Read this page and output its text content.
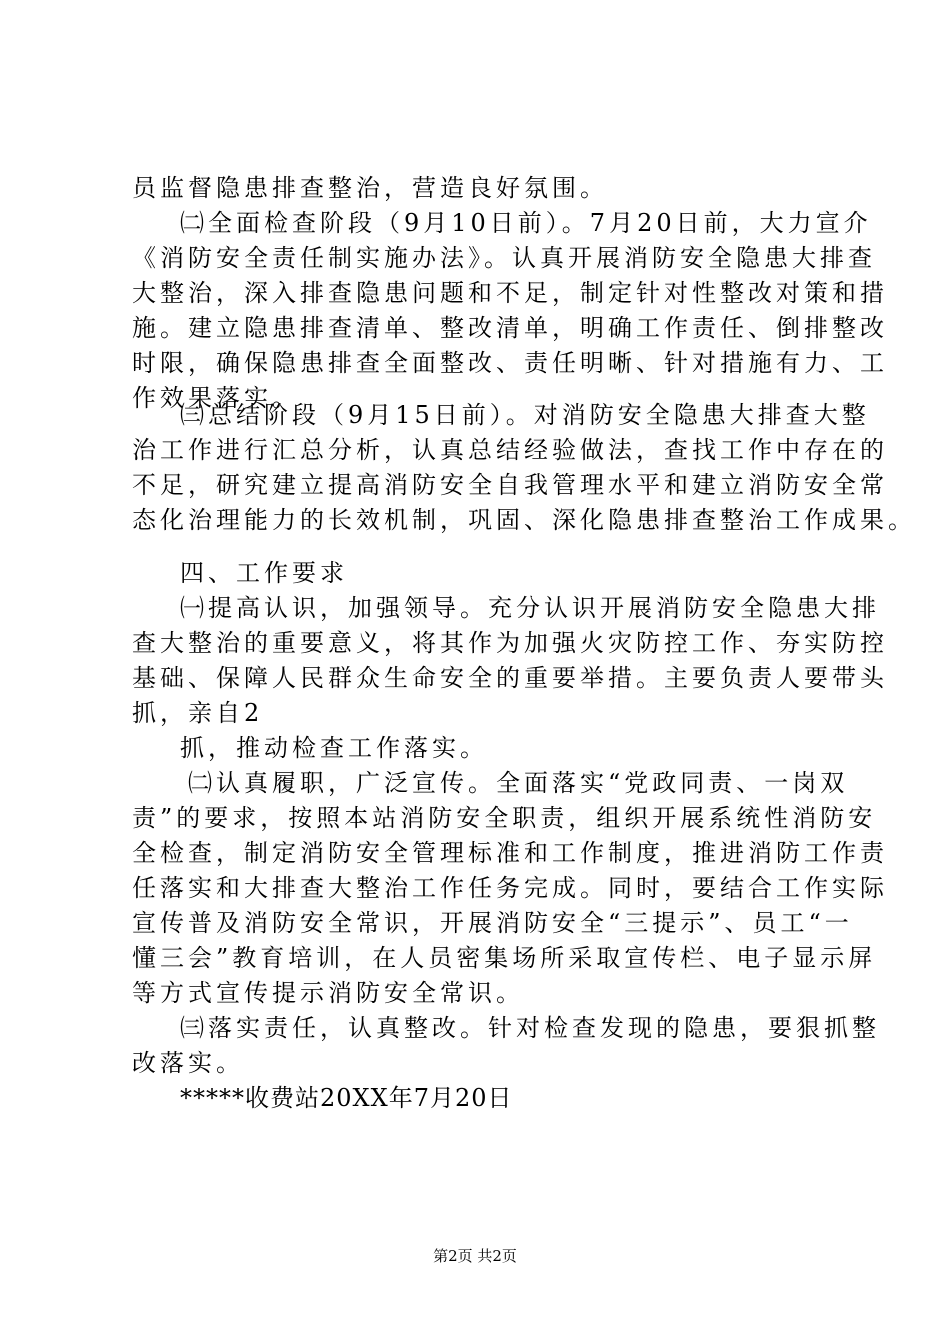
员监督隐患排查整治，营造良好氛围。
㈡全面检查阶段（9月10日前）。7月20日前，大力宣介
《消防安全责任制实施办法》。认真开展消防安全隐患大排查
大整治，深入排查隐患问题和不足，制定针对性整改对策和措
施。建立隐患排查清单、整改清单，明确工作责任、倒排整改
时限，确保隐患排查全面整改、责任明晰、针对措施有力、工
作效果落实。
㈢总结阶段（9月15日前）。对消防安全隐患大排查大整
治工作进行汇总分析，认真总结经验做法，查找工作中存在的
不足，研究建立提高消防安全自我管理水平和建立消防安全常
态化治理能力的长效机制，巩固、深化隐患排查整治工作成果。
四、工作要求
㈠提高认识，加强领导。充分认识开展消防安全隐患大排
查大整治的重要意义，将其作为加强火灾防控工作、夯实防控
基础、保障人民群众生命安全的重要举措。主要负责人要带头
抓，亲自2
抓，推动检查工作落实。
㈡认真履职，广泛宣传。全面落实“党政同责、一岗双
责”的要求，按照本站消防安全职责，组织开展系统性消防安
全检查，制定消防安全管理标准和工作制度，推进消防工作责
任落实和大排查大整治工作任务完成。同时，要结合工作实际
宣传普及消防安全常识，开展消防安全“三提示”、员工“一
懂三会”教育培训，在人员密集场所采取宣传栏、电子显示屏
等方式宣传提示消防安全常识。
㈢落实责任，认真整改。针对检查发现的隐患，要狠抓整
改落实。
*****收费站20XX年7月20日
第2页 共2页
